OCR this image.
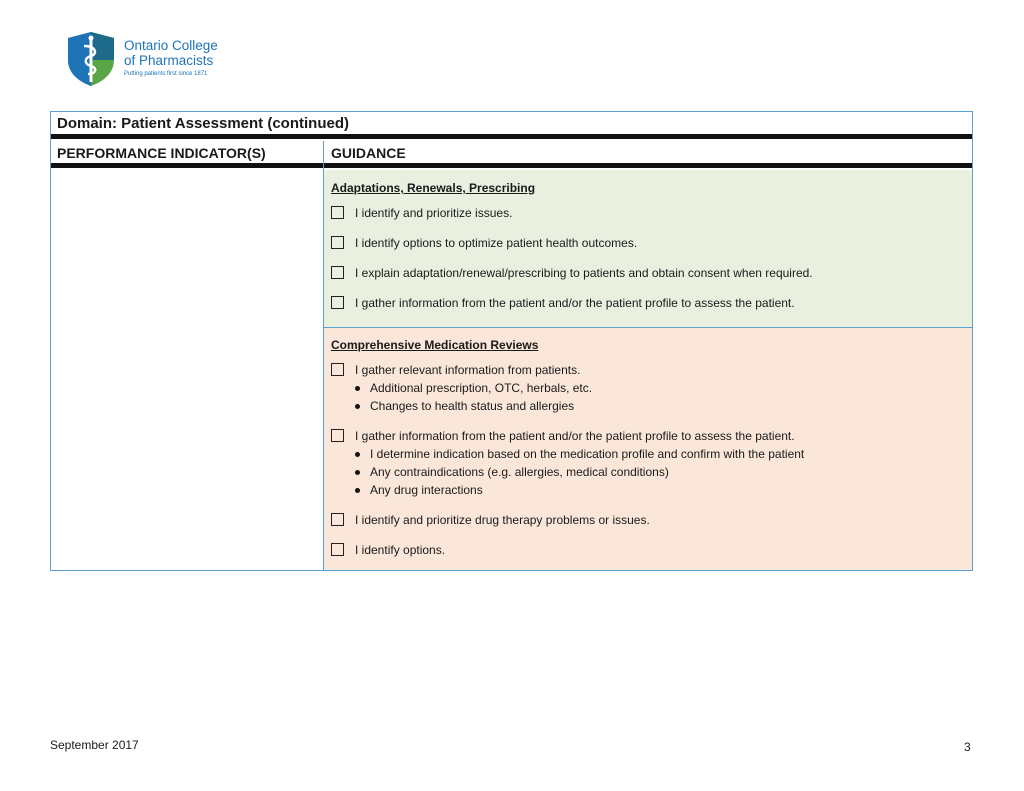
Ontario College
of Pharmacists
Putting patients first since 1871
Domain: Patient Assessment (continued)
PERFORMANCE INDICATOR(S)	GUIDANCE
Adaptations, Renewals, Prescribing
I identify and prioritize issues.
I identify options to optimize patient health outcomes.
I explain adaptation/renewal/prescribing to patients and obtain consent when required.
I gather information from the patient and/or the patient profile to assess the patient.
Comprehensive Medication Reviews
I gather relevant information from patients.
Additional prescription, OTC, herbals, etc.
Changes to health status and allergies
I gather information from the patient and/or the patient profile to assess the patient.
I determine indication based on the medication profile and confirm with the patient
Any contraindications (e.g. allergies, medical conditions)
Any drug interactions
I identify and prioritize drug therapy problems or issues.
I identify options.
September 2017	3
